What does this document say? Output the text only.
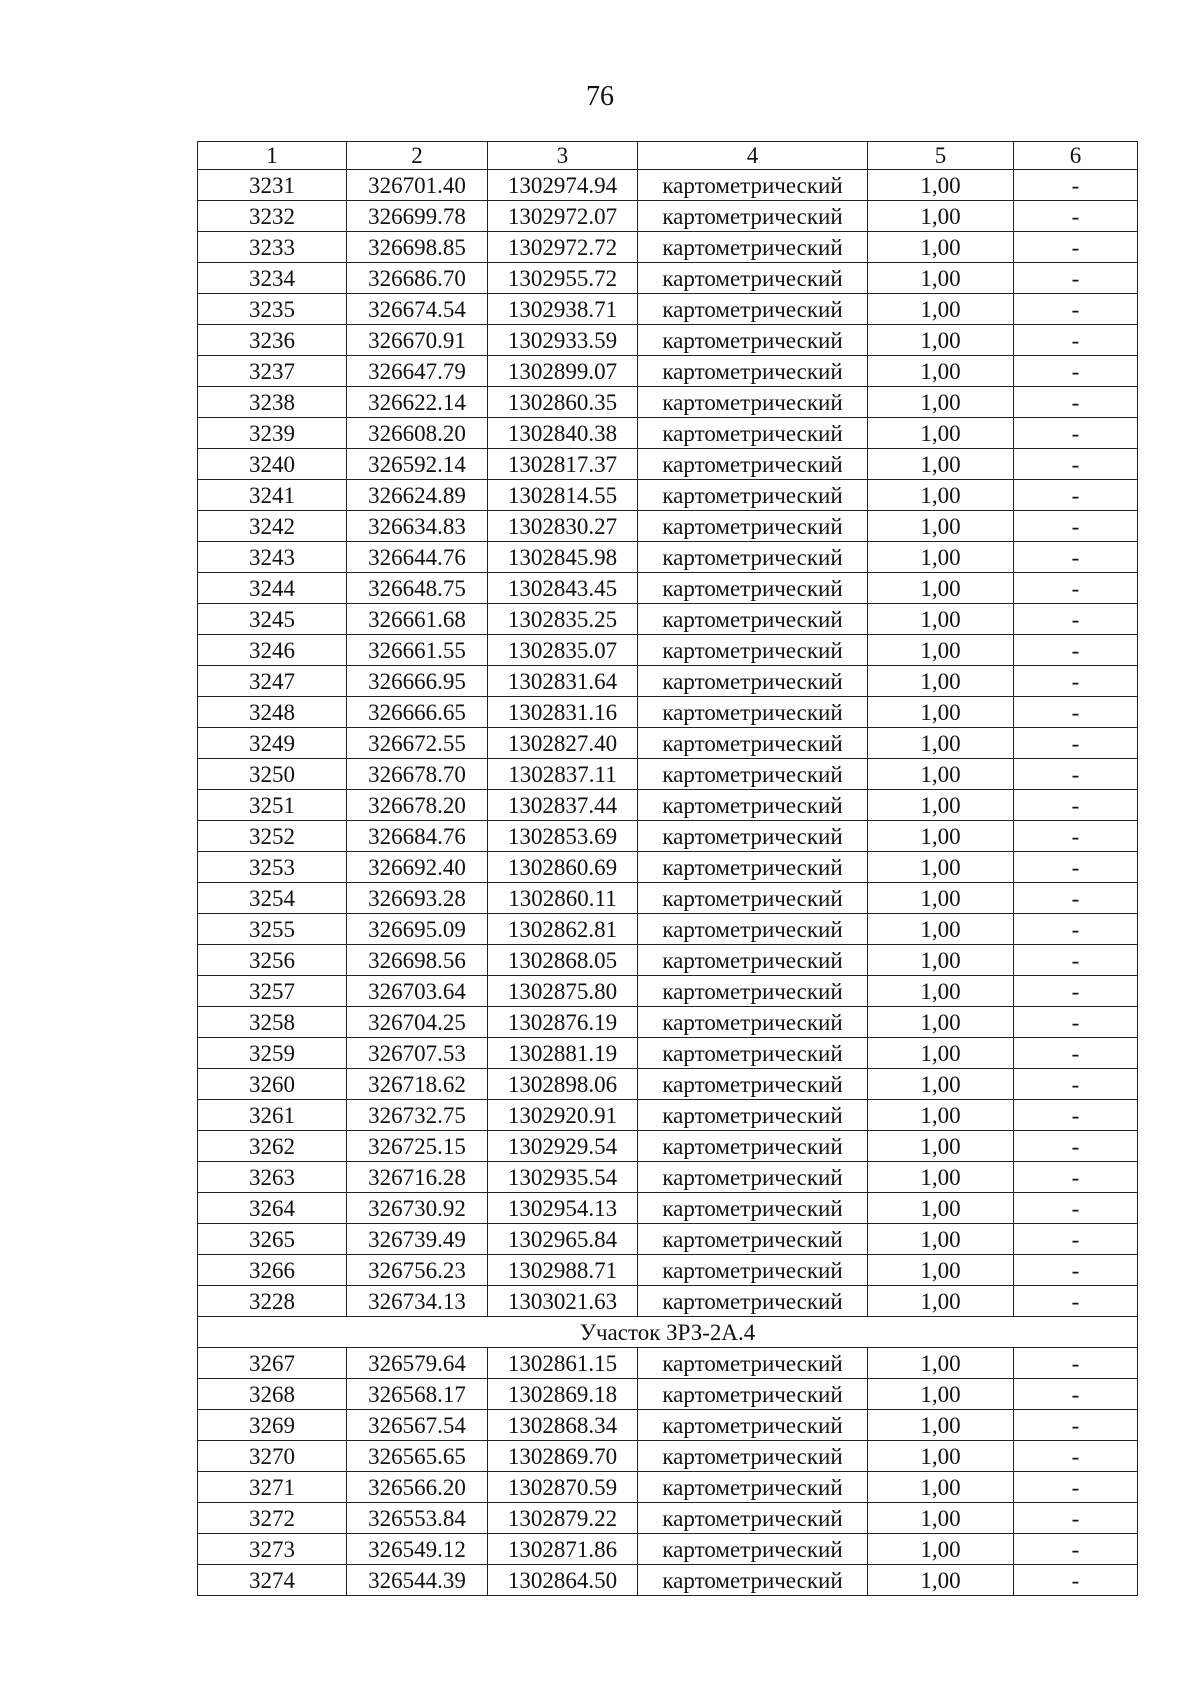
76
1	2	3	4	5	6
3231	326701.40	1302974.94	картометрический	1,00	-
3232	326699.78	1302972.07	картометрический	1,00	-
3233	326698.85	1302972.72	картометрический	1,00	-
3234	326686.70	1302955.72	картометрический	1,00	-
3235	326674.54	1302938.71	картометрический	1,00	-
3236	326670.91	1302933.59	картометрический	1,00	-
3237	326647.79	1302899.07	картометрический	1,00	-
3238	326622.14	1302860.35	картометрический	1,00	-
3239	326608.20	1302840.38	картометрический	1,00	-
3240	326592.14	1302817.37	картометрический	1,00	-
3241	326624.89	1302814.55	картометрический	1,00	-
3242	326634.83	1302830.27	картометрический	1,00	-
3243	326644.76	1302845.98	картометрический	1,00	-
3244	326648.75	1302843.45	картометрический	1,00	-
3245	326661.68	1302835.25	картометрический	1,00	-
3246	326661.55	1302835.07	картометрический	1,00	-
3247	326666.95	1302831.64	картометрический	1,00	-
3248	326666.65	1302831.16	картометрический	1,00	-
3249	326672.55	1302827.40	картометрический	1,00	-
3250	326678.70	1302837.11	картометрический	1,00	-
3251	326678.20	1302837.44	картометрический	1,00	-
3252	326684.76	1302853.69	картометрический	1,00	-
3253	326692.40	1302860.69	картометрический	1,00	-
3254	326693.28	1302860.11	картометрический	1,00	-
3255	326695.09	1302862.81	картометрический	1,00	-
3256	326698.56	1302868.05	картометрический	1,00	-
3257	326703.64	1302875.80	картометрический	1,00	-
3258	326704.25	1302876.19	картометрический	1,00	-
3259	326707.53	1302881.19	картометрический	1,00	-
3260	326718.62	1302898.06	картометрический	1,00	-
3261	326732.75	1302920.91	картометрический	1,00	-
3262	326725.15	1302929.54	картометрический	1,00	-
3263	326716.28	1302935.54	картометрический	1,00	-
3264	326730.92	1302954.13	картометрический	1,00	-
3265	326739.49	1302965.84	картометрический	1,00	-
3266	326756.23	1302988.71	картометрический	1,00	-
3228	326734.13	1303021.63	картометрический	1,00	-
Участок ЗРЗ-2А.4					
3267	326579.64	1302861.15	картометрический	1,00	-
3268	326568.17	1302869.18	картометрический	1,00	-
3269	326567.54	1302868.34	картометрический	1,00	-
3270	326565.65	1302869.70	картометрический	1,00	-
3271	326566.20	1302870.59	картометрический	1,00	-
3272	326553.84	1302879.22	картометрический	1,00	-
3273	326549.12	1302871.86	картометрический	1,00	-
3274	326544.39	1302864.50	картометрический	1,00	-
